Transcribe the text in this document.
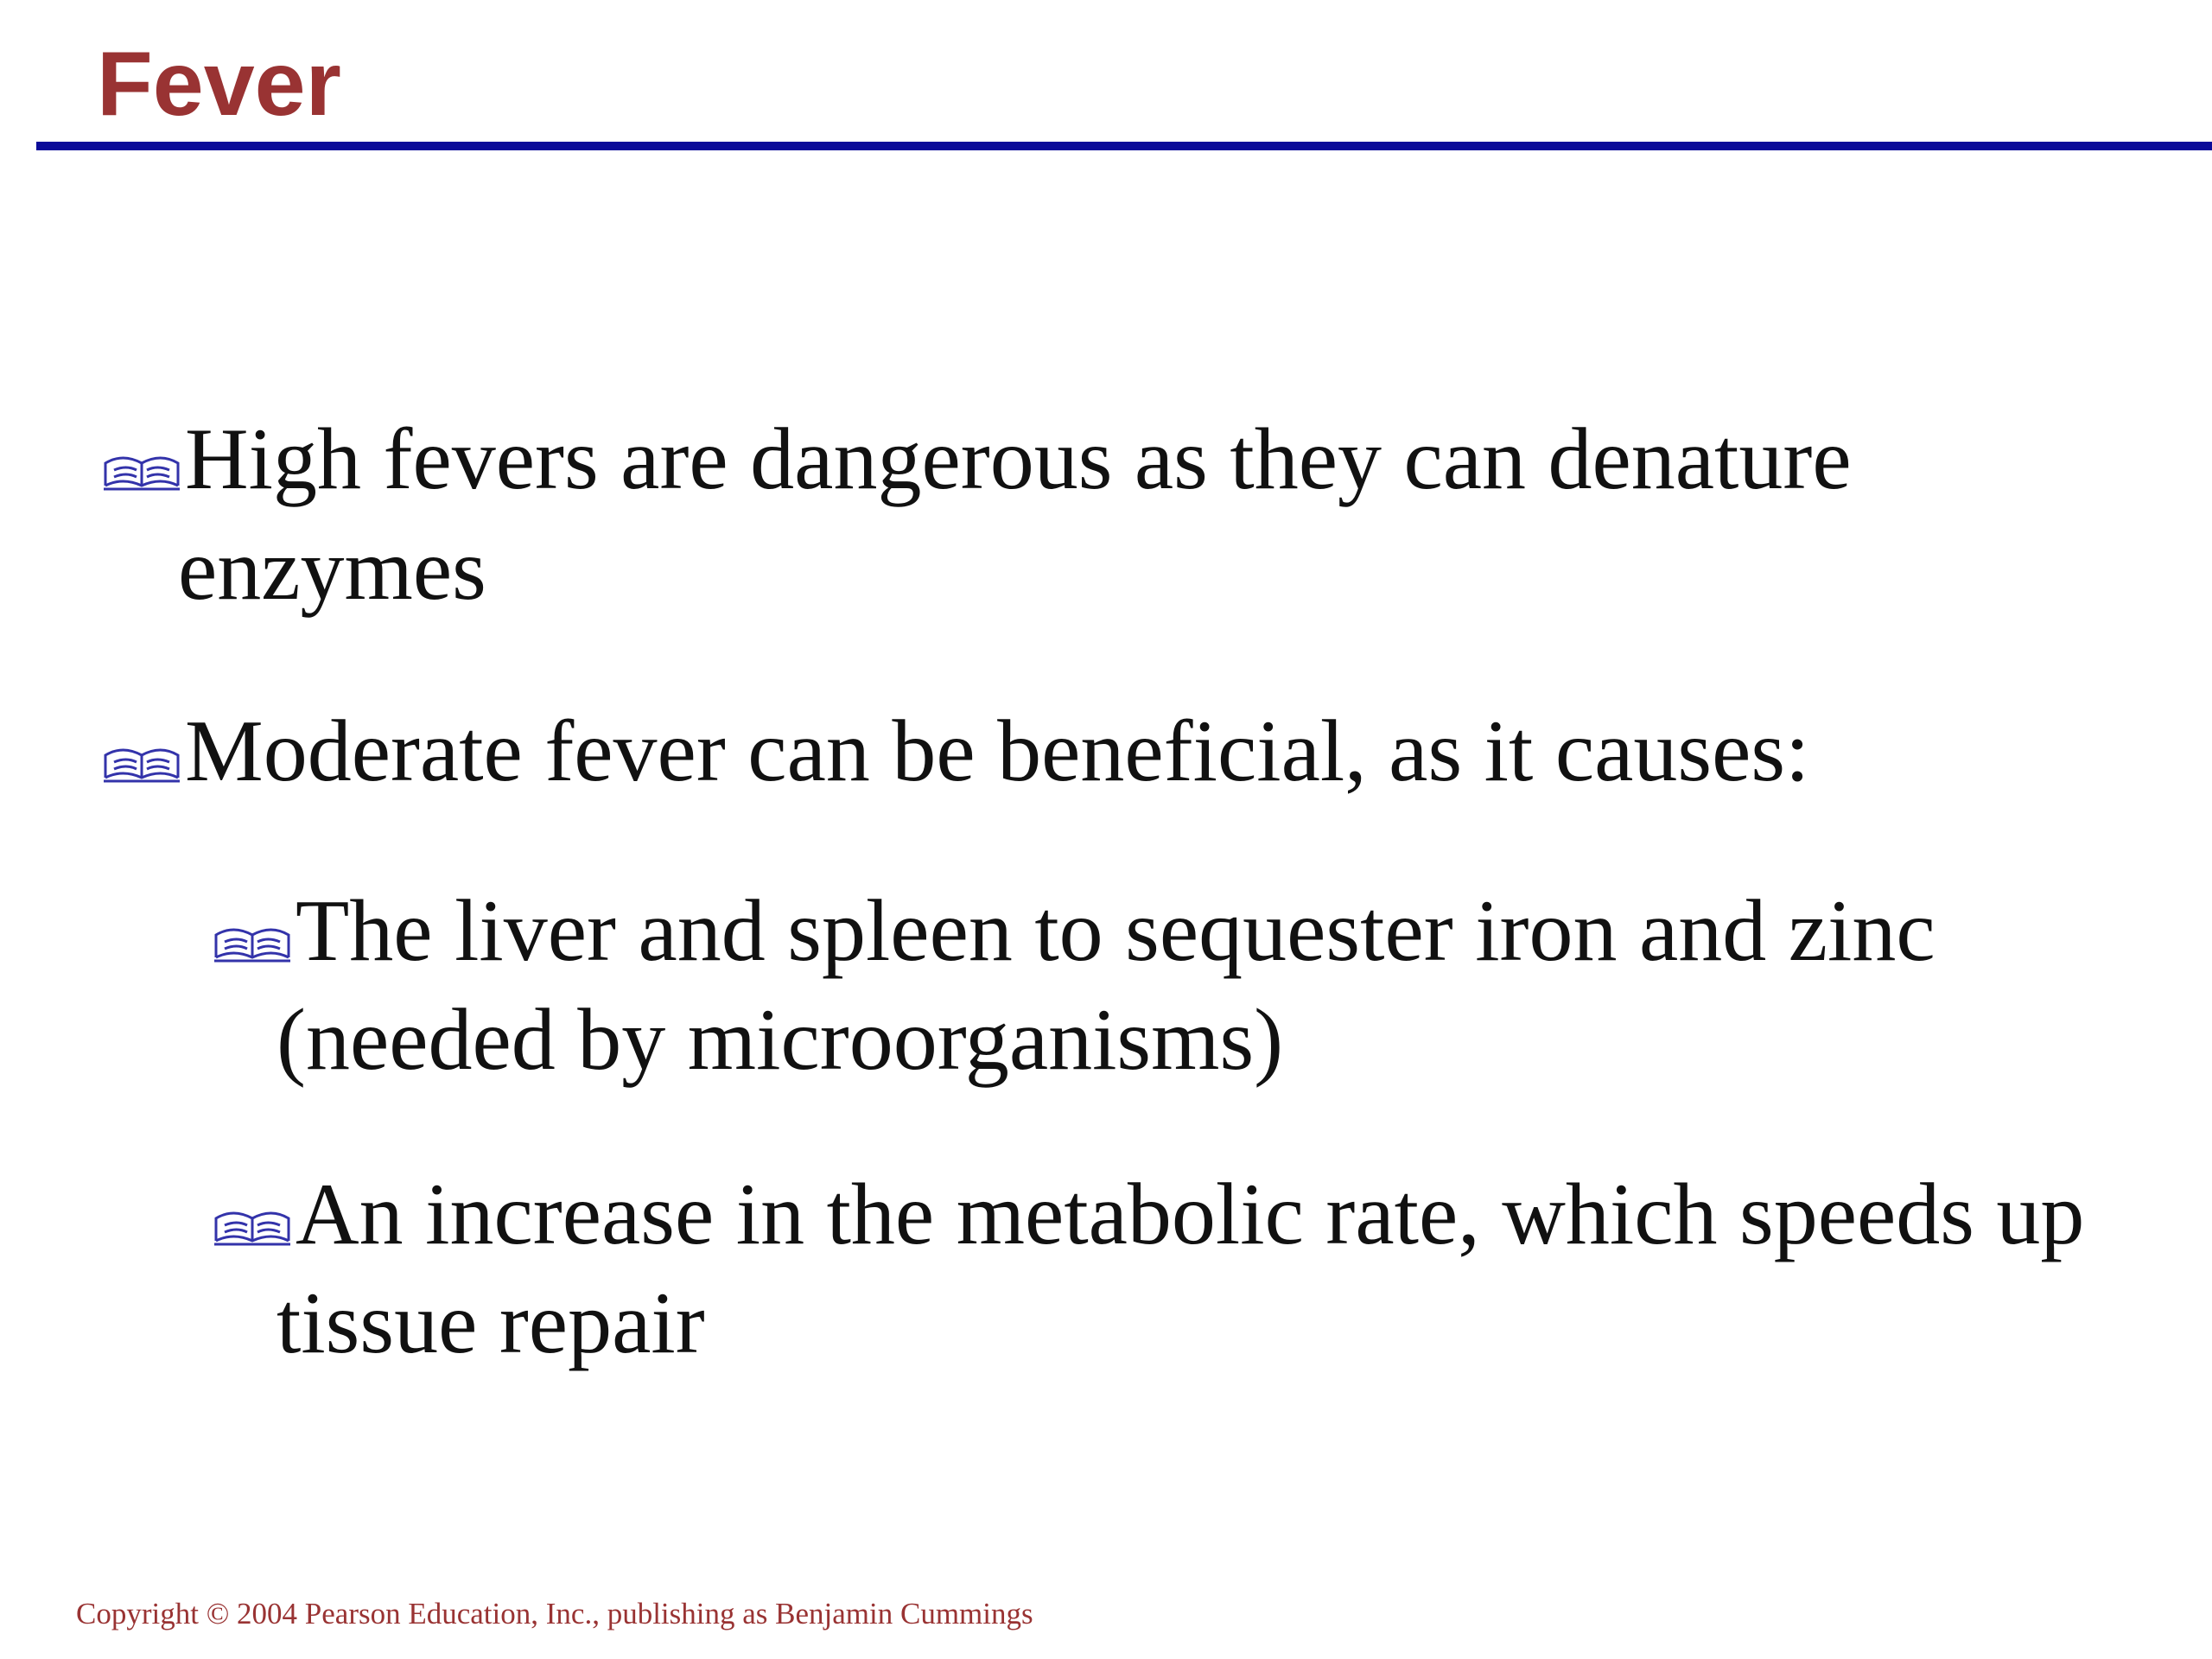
Fever
High fevers are dangerous as they can denature
enzymes
Moderate fever can be beneficial, as it causes:
The liver and spleen to sequester iron and zinc
(needed by microorganisms)
An increase in the metabolic rate, which speeds up
tissue repair
Copyright © 2004 Pearson Education, Inc., publishing as Benjamin Cummings
